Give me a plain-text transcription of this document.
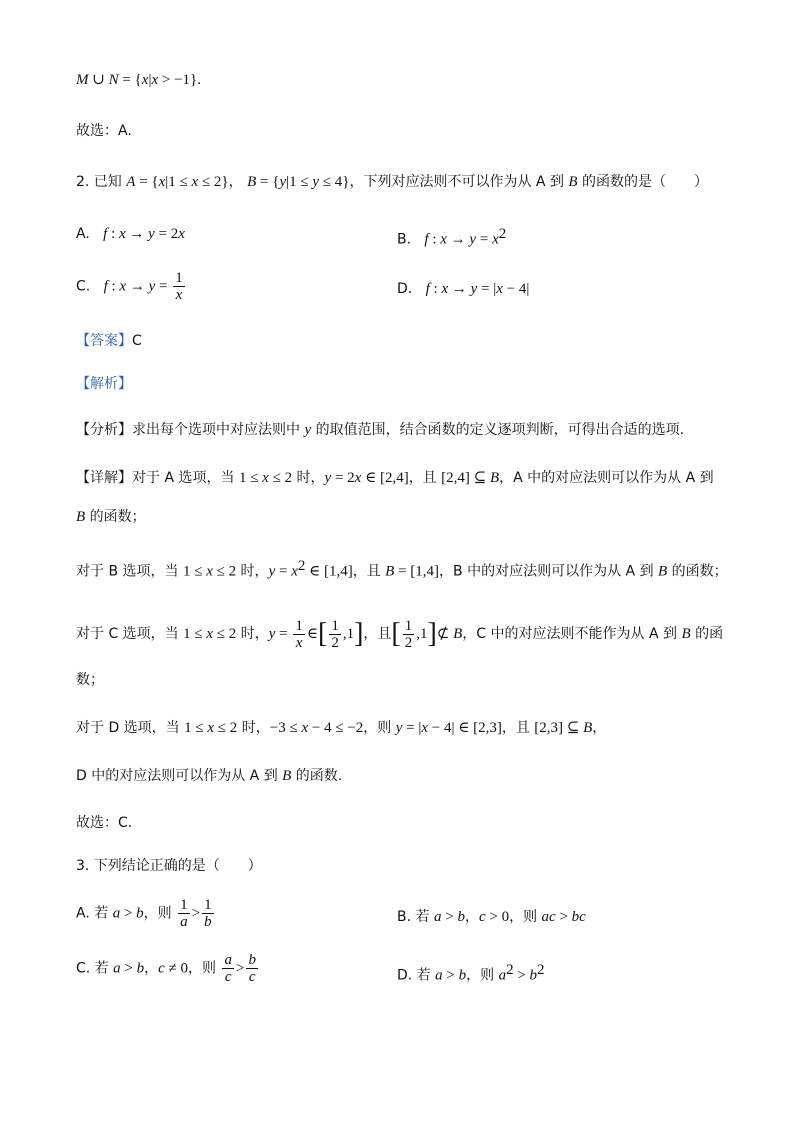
M ∪ N = {x|x > −1}.
故选：A.
2. 已知 A = {x|1 ≤ x ≤ 2}， B = {y|1 ≤ y ≤ 4}，下列对应法则不可以作为从 A 到 B 的函数的是（　　）
A.   f : x → y = 2x	B.   f : $x \to y = x^2$
C.   f : $x \to y = \frac{1}{x}$	D.   f : x → y = |x − 4|
【答案】C
【解析】
【分析】求出每个选项中对应法则中 y 的取值范围，结合函数的定义逐项判断，可得出合适的选项.
【详解】对于 A 选项，当 1 ≤ x ≤ 2 时，y = 2x ∈ [2,4]，且 [2,4] ⊆ B，A 中的对应法则可以作为从 A 到
B 的函数；
对于 B 选项，当 1 ≤ x ≤ 2 时，$y = x^2$ ∈ [1,4]，且 B = [1,4]，B 中的对应法则可以作为从 A 到 B 的函数；
对于 C 选项，当 1 ≤ x ≤ 2 时，$y = \frac{1}{x}$ ∈[ $\frac{1}{2} ,1$]，且[ $\frac{1}{2}$ ,1]⊄ B，C 中的对应法则不能作为从 A 到 B 的函
数；
对于 D 选项，当 1 ≤ x ≤ 2 时，−3 ≤ x − 4 ≤ −2，则 y = |x − 4| ∈ [2,3]，且 [2,3] ⊆ B，
D 中的对应法则可以作为从 A 到 B 的函数.
故选：C.
3. 下列结论正确的是（　　）
A. 若 a > b，则 $\frac{1}{a} > \frac{1}{b}$	B. 若 a > b，c > 0，则 ac > bc
C. 若 a > b，c ≠ 0，则 $\frac{a}{c} > \frac{b}{c}$	D. 若 a > b，则 $a^2 > b^2$
